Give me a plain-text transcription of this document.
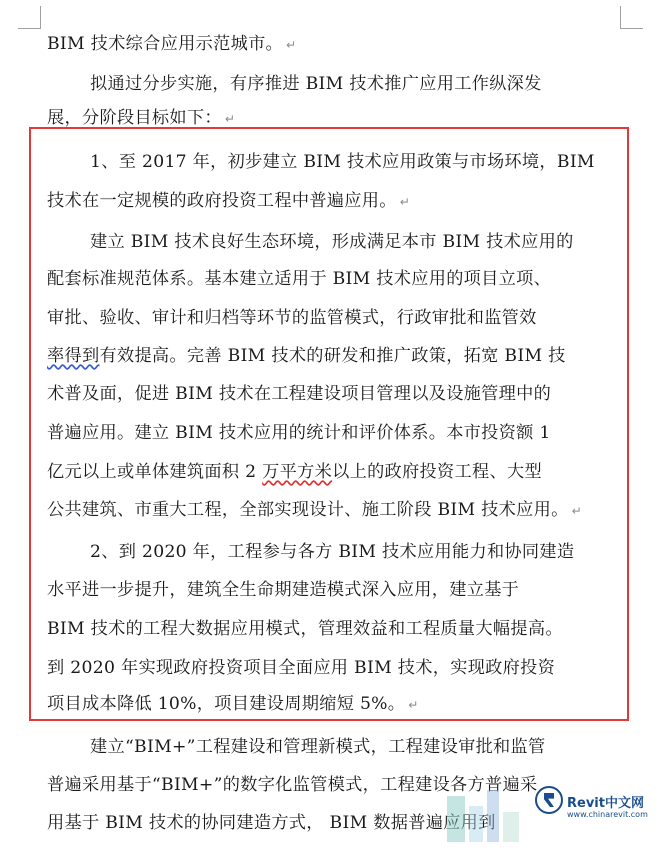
BIM 技术综合应用示范城市。 ↵
拟通过分步实施，有序推进 BIM 技术推广应用工作纵深发
展，分阶段目标如下： ↵
1、至 2017 年，初步建立 BIM 技术应用政策与市场环境，BIM
技术在一定规模的政府投资工程中普遍应用。 ↵
建立 BIM 技术良好生态环境，形成满足本市 BIM 技术应用的
配套标准规范体系。基本建立适用于 BIM 技术应用的项目立项、
审批、验收、审计和归档等环节的监管模式，行政审批和监管效
率得到有效提高。完善 BIM 技术的研发和推广政策，拓宽 BIM 技
术普及面，促进 BIM 技术在工程建设项目管理以及设施管理中的
普遍应用。建立 BIM 技术应用的统计和评价体系。本市投资额 1
亿元以上或单体建筑面积 2 万平方米以上的政府投资工程、大型
公共建筑、市重大工程，全部实现设计、施工阶段 BIM 技术应用。 ↵
2、到 2020 年，工程参与各方 BIM 技术应用能力和协同建造
水平进一步提升，建筑全生命期建造模式深入应用，建立基于
BIM 技术的工程大数据应用模式，管理效益和工程质量大幅提高。
到 2020 年实现政府投资项目全面应用 BIM 技术，实现政府投资
项目成本降低 10%，项目建设周期缩短 5%。 ↵
建立“BIM+”工程建设和管理新模式，工程建设审批和监管
普遍采用基于“BIM+”的数字化监管模式，工程建设各方普遍采
用基于 BIM 技术的协同建造方式， BIM 数据普遍应用到
Revit中文网
www.chinarevit.com
